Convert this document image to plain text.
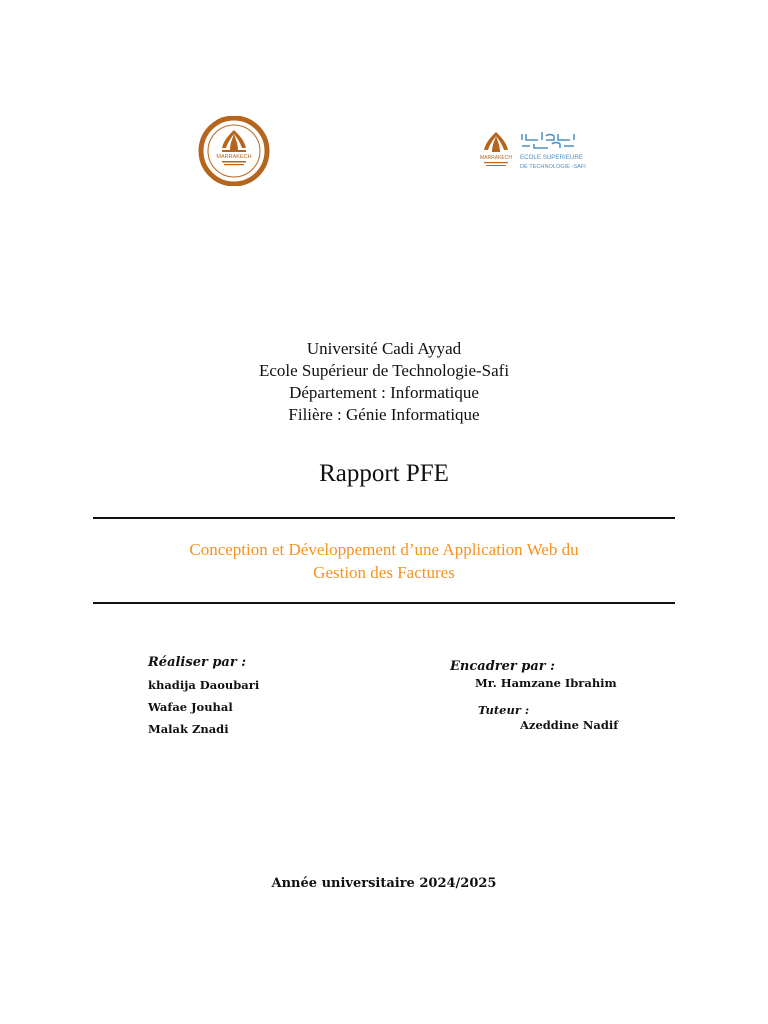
MARRAKECH	MARRAKECH ECOLE SUPERIEURE
DE TECHNOLOGIE -SAFI
Université Cadi Ayyad
Ecole Supérieur de Technologie-Safi
Département : Informatique
Filière : Génie Informatique
Rapport PFE
Conception et Développement d’une Application Web du
Gestion des Factures
Réaliser par :
khadija Daoubari
Wafae Jouhal
Malak Znadi
Encadrer par :
Mr. Hamzane Ibrahim
Tuteur :
Azeddine Nadif
Année universitaire 2024/2025
